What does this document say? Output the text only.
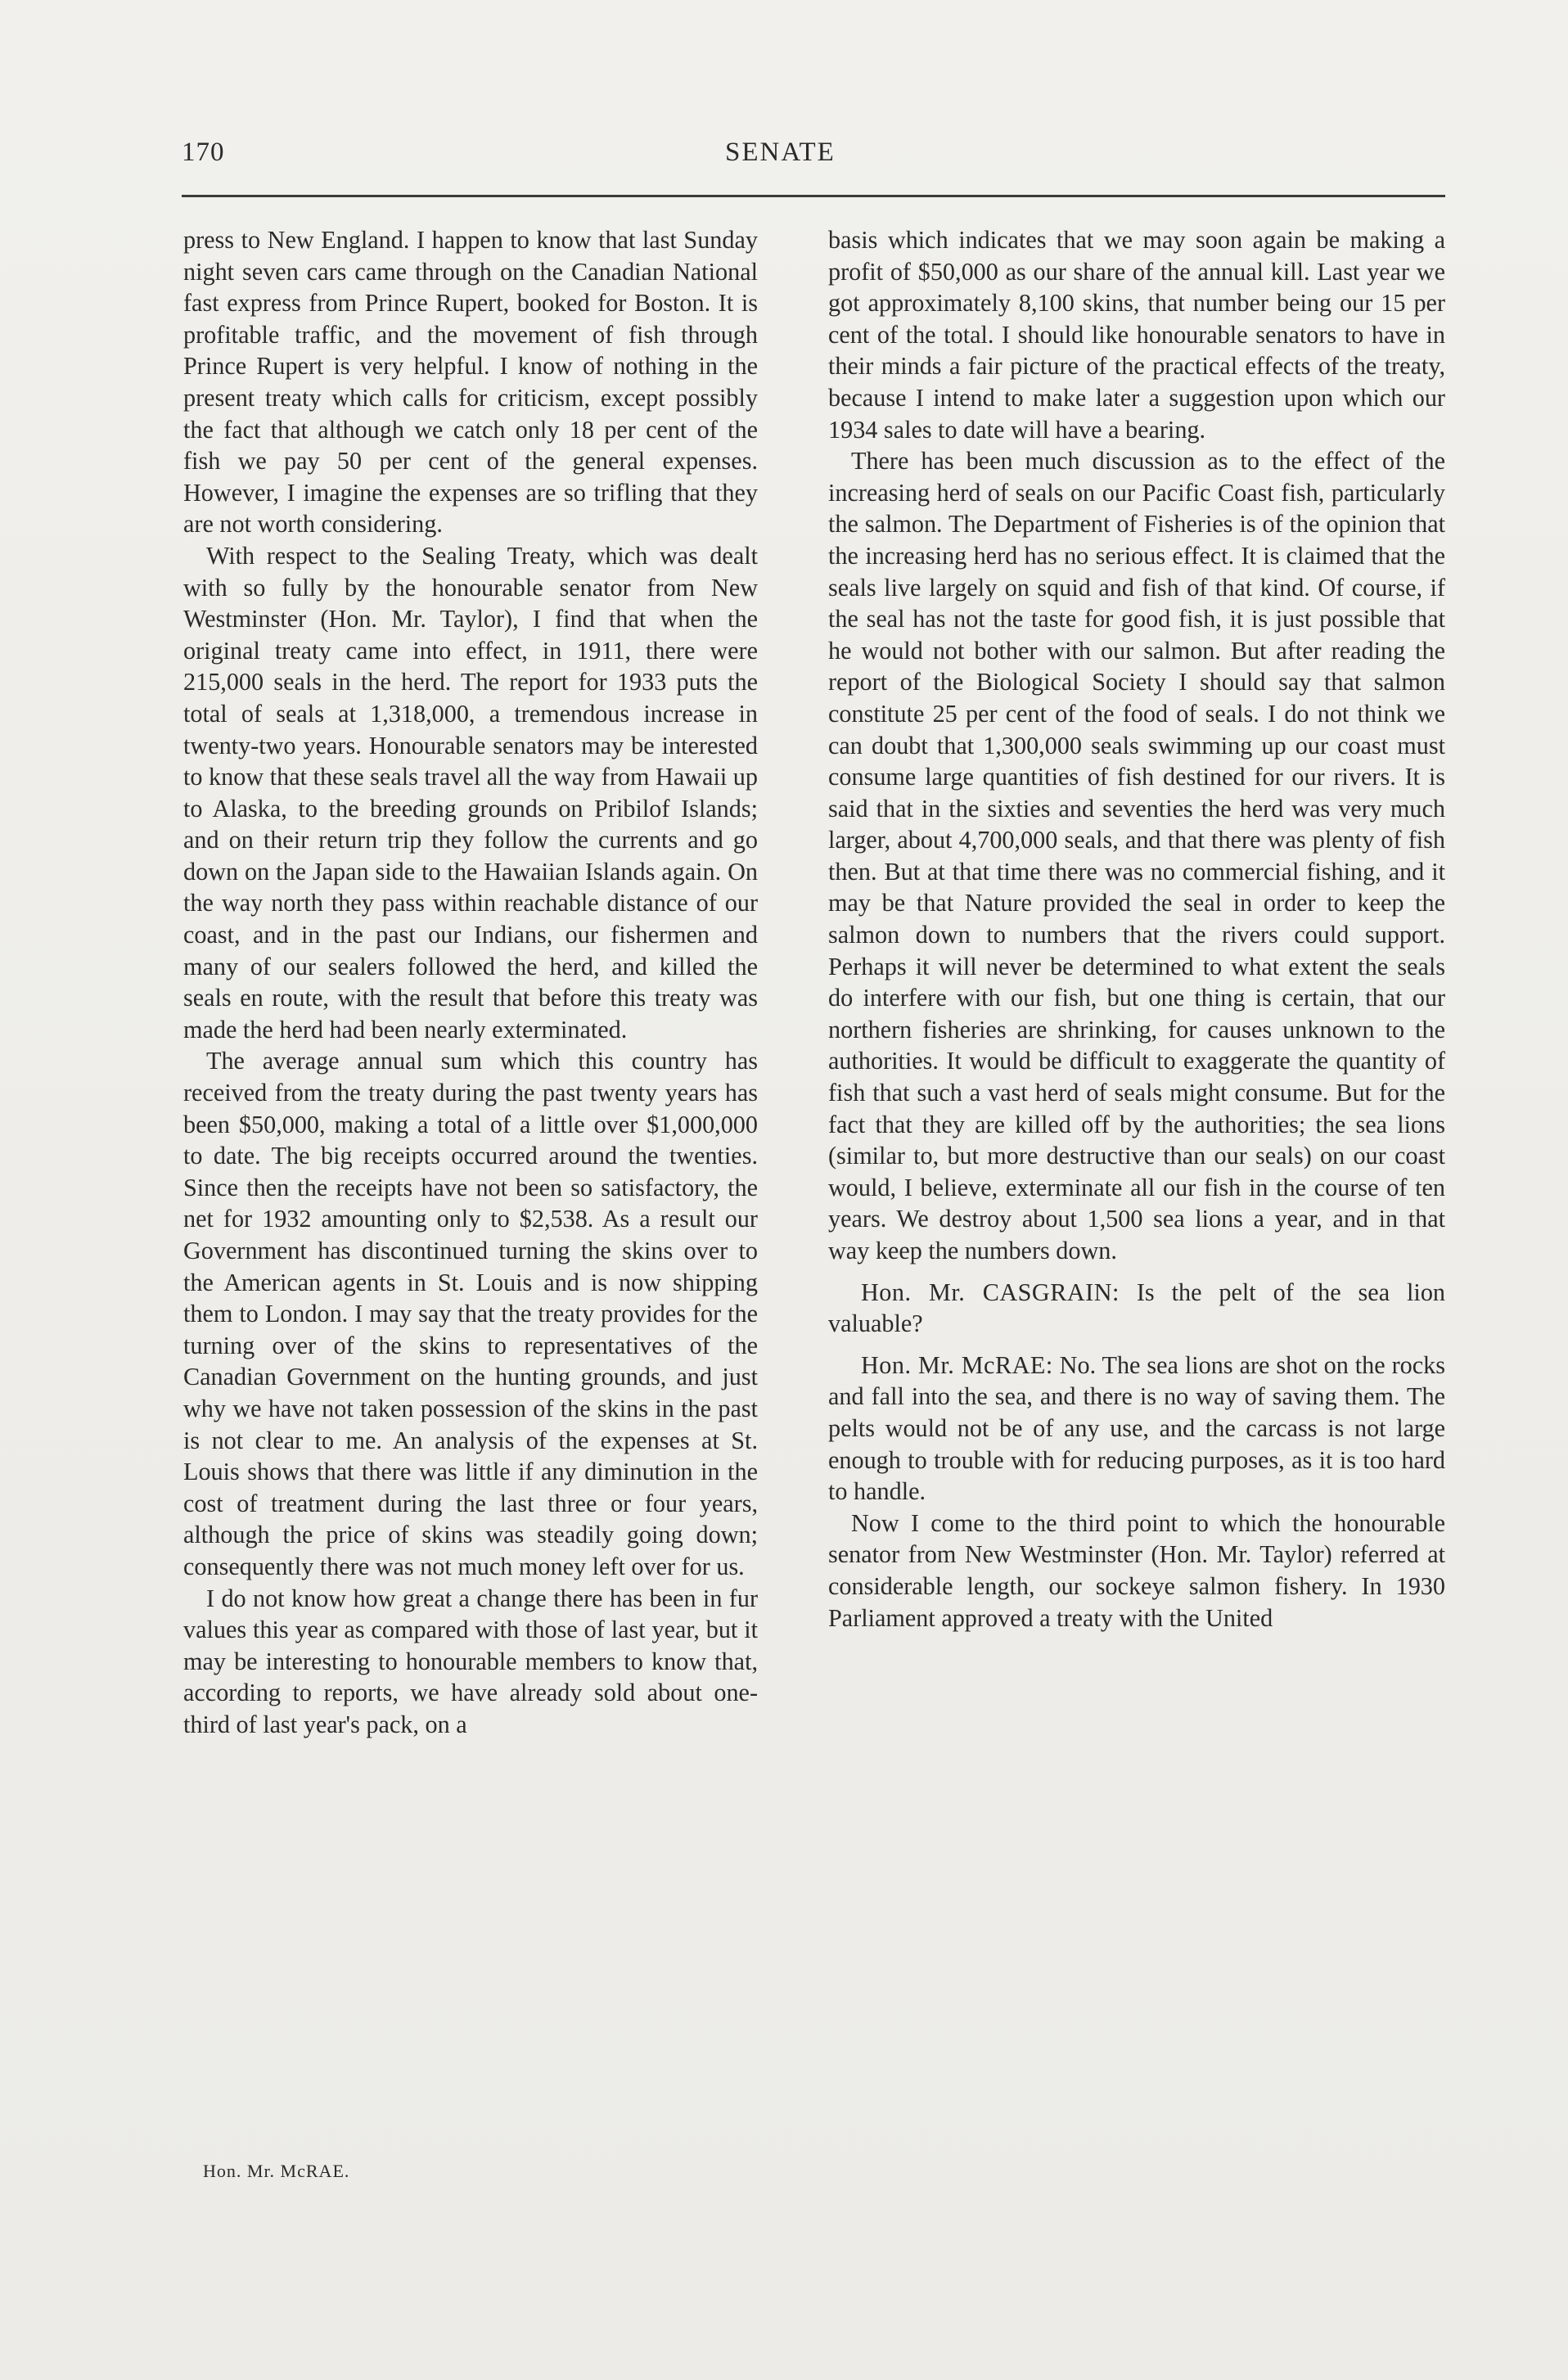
170	SENATE

press to New England. I happen to know that last Sunday night seven cars came through on the Canadian National fast express from Prince Rupert, booked for Boston. It is profitable traffic, and the movement of fish through Prince Rupert is very helpful. I know of nothing in the present treaty which calls for criticism, except possibly the fact that although we catch only 18 per cent of the fish we pay 50 per cent of the general expenses. However, I imagine the expenses are so trifling that they are not worth considering.

With respect to the Sealing Treaty, which was dealt with so fully by the honourable senator from New Westminster (Hon. Mr. Taylor), I find that when the original treaty came into effect, in 1911, there were 215,000 seals in the herd. The report for 1933 puts the total of seals at 1,318,000, a tremendous increase in twenty-two years. Honourable senators may be interested to know that these seals travel all the way from Hawaii up to Alaska, to the breeding grounds on Pribilof Islands; and on their return trip they follow the currents and go down on the Japan side to the Hawaiian Islands again. On the way north they pass within reachable distance of our coast, and in the past our Indians, our fishermen and many of our sealers followed the herd, and killed the seals en route, with the result that before this treaty was made the herd had been nearly exterminated.

The average annual sum which this country has received from the treaty during the past twenty years has been $50,000, making a total of a little over $1,000,000 to date. The big receipts occurred around the twenties. Since then the receipts have not been so satisfactory, the net for 1932 amounting only to $2,538. As a result our Government has discontinued turning the skins over to the American agents in St. Louis and is now shipping them to London. I may say that the treaty provides for the turning over of the skins to representatives of the Canadian Government on the hunting grounds, and just why we have not taken possession of the skins in the past is not clear to me. An analysis of the expenses at St. Louis shows that there was little if any diminution in the cost of treatment during the last three or four years, although the price of skins was steadily going down; consequently there was not much money left over for us.

I do not know how great a change there has been in fur values this year as compared with those of last year, but it may be interesting to honourable members to know that, according to reports, we have already sold about one-third of last year's pack, on a

basis which indicates that we may soon again be making a profit of $50,000 as our share of the annual kill. Last year we got approximately 8,100 skins, that number being our 15 per cent of the total. I should like honourable senators to have in their minds a fair picture of the practical effects of the treaty, because I intend to make later a suggestion upon which our 1934 sales to date will have a bearing.

There has been much discussion as to the effect of the increasing herd of seals on our Pacific Coast fish, particularly the salmon. The Department of Fisheries is of the opinion that the increasing herd has no serious effect. It is claimed that the seals live largely on squid and fish of that kind. Of course, if the seal has not the taste for good fish, it is just possible that he would not bother with our salmon. But after reading the report of the Biological Society I should say that salmon constitute 25 per cent of the food of seals. I do not think we can doubt that 1,300,000 seals swimming up our coast must consume large quantities of fish destined for our rivers. It is said that in the sixties and seventies the herd was very much larger, about 4,700,000 seals, and that there was plenty of fish then. But at that time there was no commercial fishing, and it may be that Nature provided the seal in order to keep the salmon down to numbers that the rivers could support. Perhaps it will never be determined to what extent the seals do interfere with our fish, but one thing is certain, that our northern fisheries are shrinking, for causes unknown to the authorities. It would be difficult to exaggerate the quantity of fish that such a vast herd of seals might consume. But for the fact that they are killed off by the authorities; the sea lions (similar to, but more destructive than our seals) on our coast would, I believe, exterminate all our fish in the course of ten years. We destroy about 1,500 sea lions a year, and in that way keep the numbers down.

Hon. Mr. CASGRAIN: Is the pelt of the sea lion valuable?

Hon. Mr. McRAE: No. The sea lions are shot on the rocks and fall into the sea, and there is no way of saving them. The pelts would not be of any use, and the carcass is not large enough to trouble with for reducing purposes, as it is too hard to handle.

Now I come to the third point to which the honourable senator from New Westminster (Hon. Mr. Taylor) referred at considerable length, our sockeye salmon fishery. In 1930 Parliament approved a treaty with the United

Hon. Mr. McRAE.
